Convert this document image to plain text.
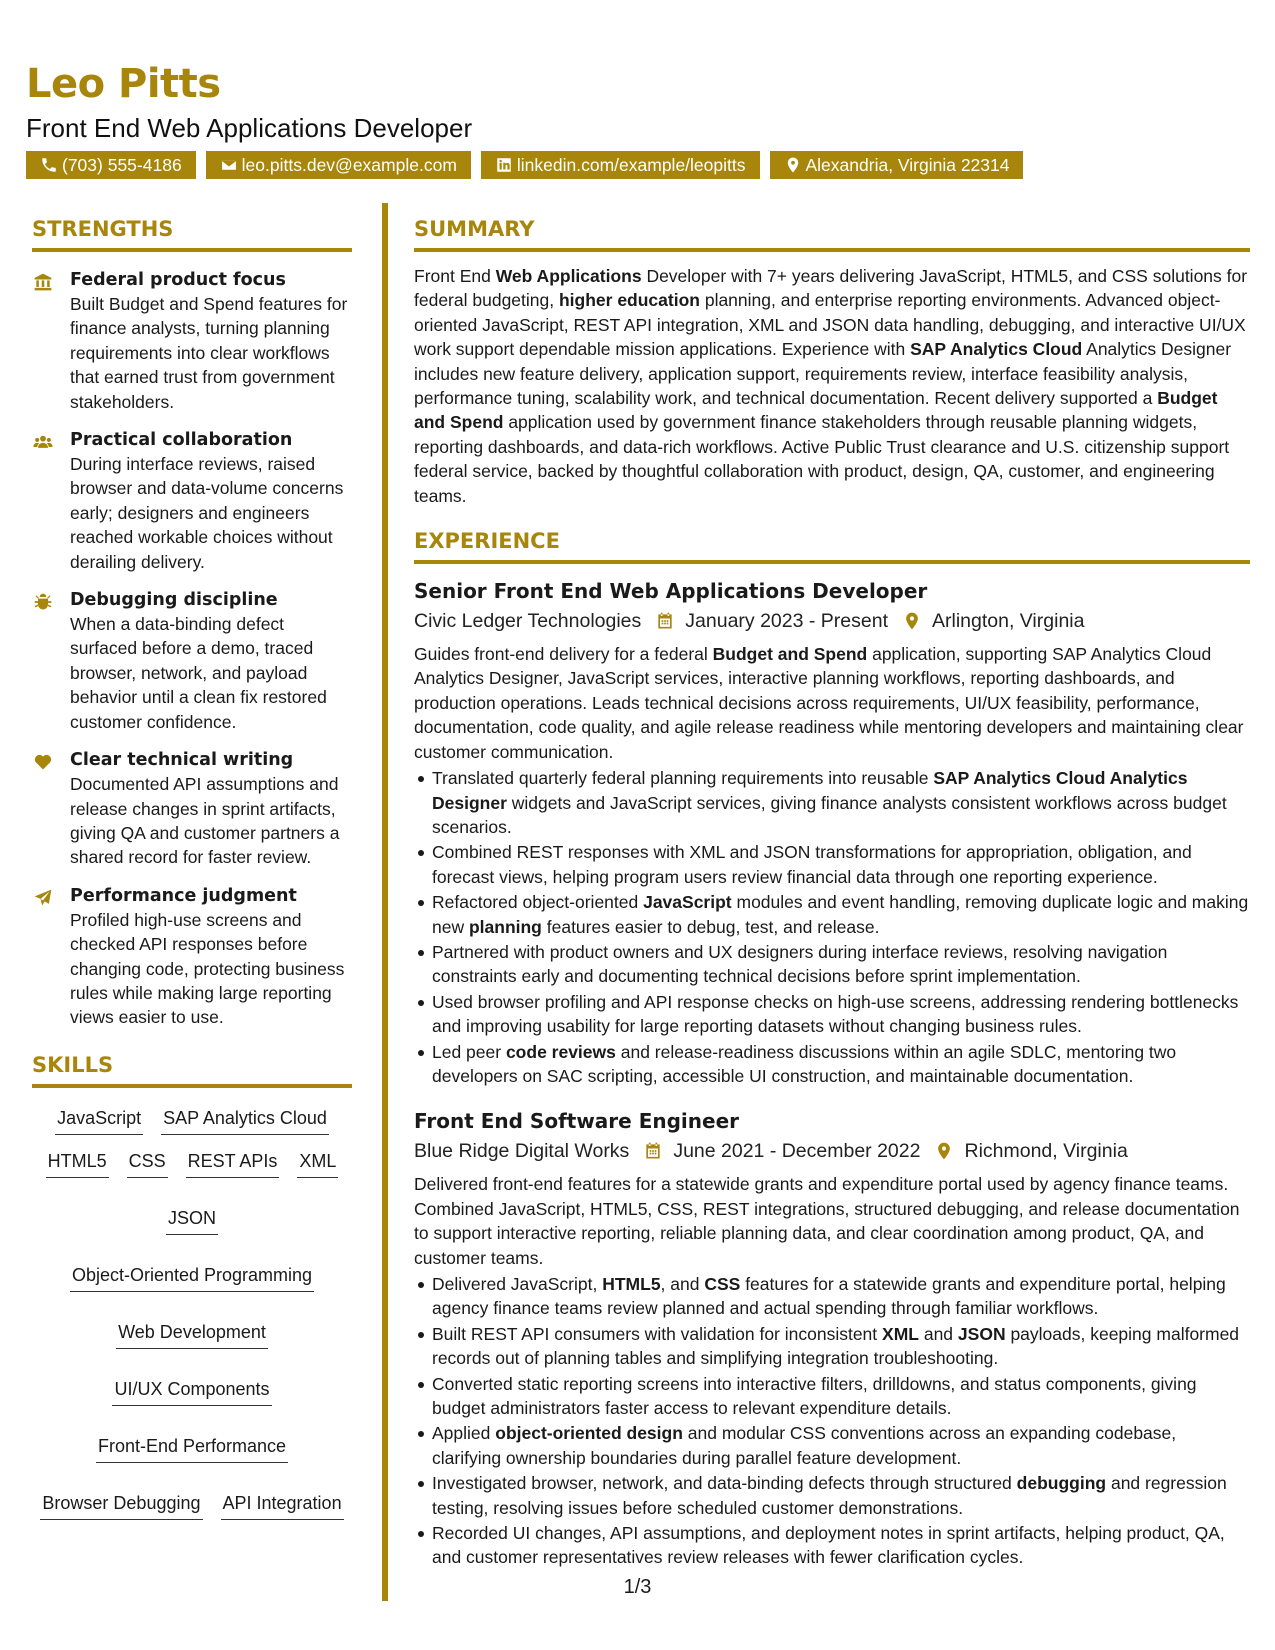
Leo Pitts
Front End Web Applications Developer
(703) 555-4186	leo.pitts.dev@example.com	linkedin.com/example/leopitts	Alexandria, Virginia 22314
STRENGTHS
Federal product focus
Built Budget and Spend features for finance analysts, turning planning requirements into clear workflows that earned trust from government stakeholders.
Practical collaboration
During interface reviews, raised browser and data-volume concerns early; designers and engineers reached workable choices without derailing delivery.
Debugging discipline
When a data-binding defect surfaced before a demo, traced browser, network, and payload behavior until a clean fix restored customer confidence.
Clear technical writing
Documented API assumptions and release changes in sprint artifacts, giving QA and customer partners a shared record for faster review.
Performance judgment
Profiled high-use screens and checked API responses before changing code, protecting business rules while making large reporting views easier to use.
SKILLS
JavaScript SAP Analytics Cloud
HTML5 CSS REST APIs XML
JSON
Object-Oriented Programming
Web Development
UI/UX Components
Front-End Performance
Browser Debugging API Integration
SUMMARY

Front End Web Applications Developer with 7+ years delivering JavaScript, HTML5, and CSS solutions for federal budgeting, higher education planning, and enterprise reporting environments. Advanced object-oriented JavaScript, REST API integration, XML and JSON data handling, debugging, and interactive UI/UX work support dependable mission applications. Experience with SAP Analytics Cloud Analytics Designer includes new feature delivery, application support, requirements review, interface feasibility analysis, performance tuning, scalability work, and technical documentation. Recent delivery supported a Budget and Spend application used by government finance stakeholders through reusable planning widgets, reporting dashboards, and data-rich workflows. Active Public Trust clearance and U.S. citizenship support federal service, backed by thoughtful collaboration with product, design, QA, customer, and engineering teams.

EXPERIENCE
Senior Front End Web Applications Developer
Civic Ledger Technologies January 2023 - Present Arlington, Virginia
Guides front-end delivery for a federal Budget and Spend application, supporting SAP Analytics Cloud Analytics Designer, JavaScript services, interactive planning workflows, reporting dashboards, and production operations. Leads technical decisions across requirements, UI/UX feasibility, performance, documentation, code quality, and agile release readiness while mentoring developers and maintaining clear customer communication.
Translated quarterly federal planning requirements into reusable SAP Analytics Cloud Analytics Designer widgets and JavaScript services, giving finance analysts consistent workflows across budget scenarios.
Combined REST responses with XML and JSON transformations for appropriation, obligation, and forecast views, helping program users review financial data through one reporting experience.
Refactored object-oriented JavaScript modules and event handling, removing duplicate logic and making new planning features easier to debug, test, and release.
Partnered with product owners and UX designers during interface reviews, resolving navigation constraints early and documenting technical decisions before sprint implementation.
Used browser profiling and API response checks on high-use screens, addressing rendering bottlenecks and improving usability for large reporting datasets without changing business rules.
Led peer code reviews and release-readiness discussions within an agile SDLC, mentoring two developers on SAC scripting, accessible UI construction, and maintainable documentation.
Front End Software Engineer
Blue Ridge Digital Works June 2021 - December 2022 Richmond, Virginia
Delivered front-end features for a statewide grants and expenditure portal used by agency finance teams. Combined JavaScript, HTML5, CSS, REST integrations, structured debugging, and release documentation to support interactive reporting, reliable planning data, and clear coordination among product, QA, and customer teams.
Delivered JavaScript, HTML5, and CSS features for a statewide grants and expenditure portal, helping agency finance teams review planned and actual spending through familiar workflows.
Built REST API consumers with validation for inconsistent XML and JSON payloads, keeping malformed records out of planning tables and simplifying integration troubleshooting.
Converted static reporting screens into interactive filters, drilldowns, and status components, giving budget administrators faster access to relevant expenditure details.
Applied object-oriented design and modular CSS conventions across an expanding codebase, clarifying ownership boundaries during parallel feature development.
Investigated browser, network, and data-binding defects through structured debugging and regression testing, resolving issues before scheduled customer demonstrations.
Recorded UI changes, API assumptions, and deployment notes in sprint artifacts, helping product, QA, and customer representatives review releases with fewer clarification cycles.
1/3
